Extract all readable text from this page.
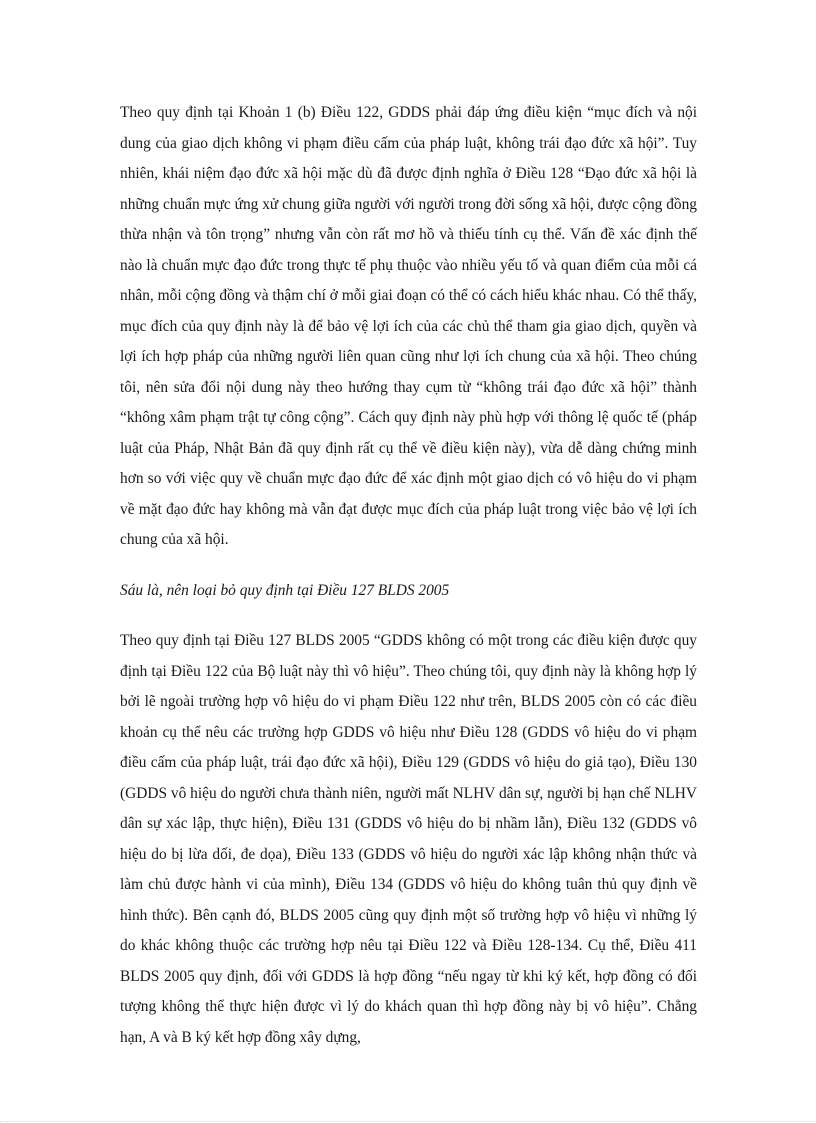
Theo quy định tại Khoản 1 (b) Điều 122, GDDS phải đáp ứng điều kiện “mục đích và nội dung của giao dịch không vi phạm điều cấm của pháp luật, không trái đạo đức xã hội”. Tuy nhiên, khái niệm đạo đức xã hội mặc dù đã được định nghĩa ở Điều 128 “Đạo đức xã hội là những chuẩn mực ứng xử chung giữa người với người trong đời sống xã hội, được cộng đồng thừa nhận và tôn trọng” nhưng vẫn còn rất mơ hồ và thiếu tính cụ thể. Vấn đề xác định thế nào là chuẩn mực đạo đức trong thực tế phụ thuộc vào nhiều yếu tố và quan điểm của mỗi cá nhân, mỗi cộng đồng và thậm chí ở mỗi giai đoạn có thể có cách hiểu khác nhau. Có thể thấy, mục đích của quy định này là để bảo vệ lợi ích của các chủ thể tham gia giao dịch, quyền và lợi ích hợp pháp của những người liên quan cũng như lợi ích chung của xã hội. Theo chúng tôi, nên sửa đổi nội dung này theo hướng thay cụm từ “không trái đạo đức xã hội” thành “không xâm phạm trật tự công cộng”. Cách quy định này phù hợp với thông lệ quốc tế (pháp luật của Pháp, Nhật Bản đã quy định rất cụ thể về điều kiện này), vừa dễ dàng chứng minh hơn so với việc quy về chuẩn mực đạo đức để xác định một giao dịch có vô hiệu do vi phạm về mặt đạo đức hay không mà vẫn đạt được mục đích của pháp luật trong việc bảo vệ lợi ích chung của xã hội.

Sáu là, nên loại bỏ quy định tại Điều 127 BLDS 2005

Theo quy định tại Điều 127 BLDS 2005 “GDDS không có một trong các điều kiện được quy định tại Điều 122 của Bộ luật này thì vô hiệu”. Theo chúng tôi, quy định này là không hợp lý bởi lẽ ngoài trường hợp vô hiệu do vi phạm Điều 122 như trên, BLDS 2005 còn có các điều khoản cụ thể nêu các trường hợp GDDS vô hiệu như Điều 128 (GDDS vô hiệu do vi phạm điều cấm của pháp luật, trái đạo đức xã hội), Điều 129 (GDDS vô hiệu do giả tạo), Điều 130 (GDDS vô hiệu do người chưa thành niên, người mất NLHV dân sự, người bị hạn chế NLHV dân sự xác lập, thực hiện), Điều 131 (GDDS vô hiệu do bị nhầm lẫn), Điều 132 (GDDS vô hiệu do bị lừa dối, đe dọa), Điều 133 (GDDS vô hiệu do người xác lập không nhận thức và làm chủ được hành vi của mình), Điều 134 (GDDS vô hiệu do không tuân thủ quy định về hình thức). Bên cạnh đó, BLDS 2005 cũng quy định một số trường hợp vô hiệu vì những lý do khác không thuộc các trường hợp nêu tại Điều 122 và Điều 128-134. Cụ thể, Điều 411 BLDS 2005 quy định, đối với GDDS là hợp đồng “nếu ngay từ khi ký kết, hợp đồng có đối tượng không thể thực hiện được vì lý do khách quan thì hợp đồng này bị vô hiệu”. Chẳng hạn, A và B ký kết hợp đồng xây dựng,
